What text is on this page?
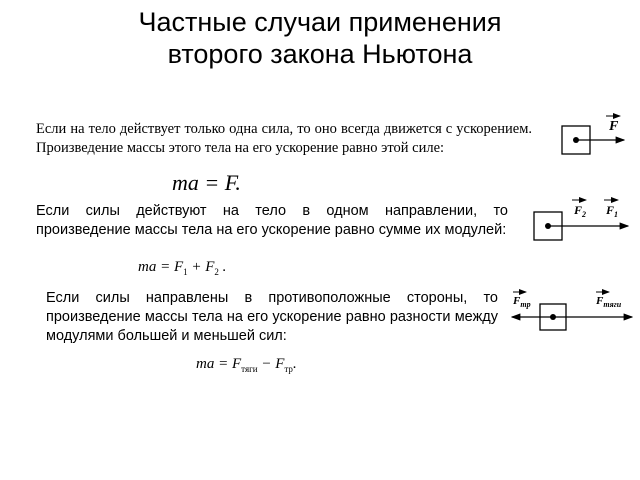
Частные случаи применения
второго закона Ньютона

Если на тело действует только одна сила, то оно всегда движется с ускорением. Произведение массы этого тела на его ускорение равно этой силе:

ma = F.
F

Если силы действуют на тело в одном направлении, то произведение массы тела на его ускорение равно сумме их модулей:

ma = $F_1 + F_2$ .
$F_2$ $F_1$

Если силы направлены в противоположные стороны, то произведение массы тела на его ускорение равно разности между модулями большей и меньшей сил:

ma = $F_{тяги} - F_{тр}$.
$F_{тр}$	$F_{тяги}$
